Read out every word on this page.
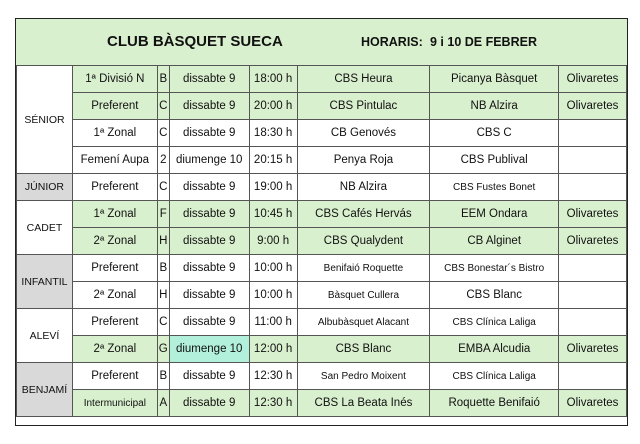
CLUB BÀSQUET SUECA	HORARIS: 9 i 10 DE FEBRER
SÉNIOR	1ª Divisió N	B	dissabte 9	18:00 h	CBS Heura	Picanya Bàsquet	Olivaretes
	Preferent	C	dissabte 9	20:00 h	CBS Pintulac	NB Alzira	Olivaretes
	1ª Zonal	C	dissabte 9	18:30 h	CB Genovés	CBS C	
	Femení Aupa	2	diumenge 10	20:15 h	Penya Roja	CBS Publival	
JÚNIOR	Preferent	C	dissabte 9	19:00 h	NB Alzira	CBS Fustes Bonet	
CADET	1ª Zonal	F	dissabte 9	10:45 h	CBS Cafés Hervás	EEM Ondara	Olivaretes
	2ª Zonal	H	dissabte 9	9:00 h	CBS Qualydent	CB Alginet	Olivaretes
INFANTIL	Preferent	B	dissabte 9	10:00 h	Benifaió Roquette	CBS Bonestar´s Bistro	
	2ª Zonal	H	dissabte 9	10:00 h	Bàsquet Cullera	CBS Blanc	
ALEVÍ	Preferent	C	dissabte 9	11:00 h	Albubàsquet Alacant	CBS Clínica Laliga	
	2ª Zonal	G	diumenge 10	12:00 h	CBS Blanc	EMBA Alcudia	Olivaretes
BENJAMÍ	Preferent	B	dissabte 9	12:30 h	San Pedro Moixent	CBS Clínica Laliga	
	Intermunicipal	A	dissabte 9	12:30 h	CBS La Beata Inés	Roquette Benifaió	Olivaretes
